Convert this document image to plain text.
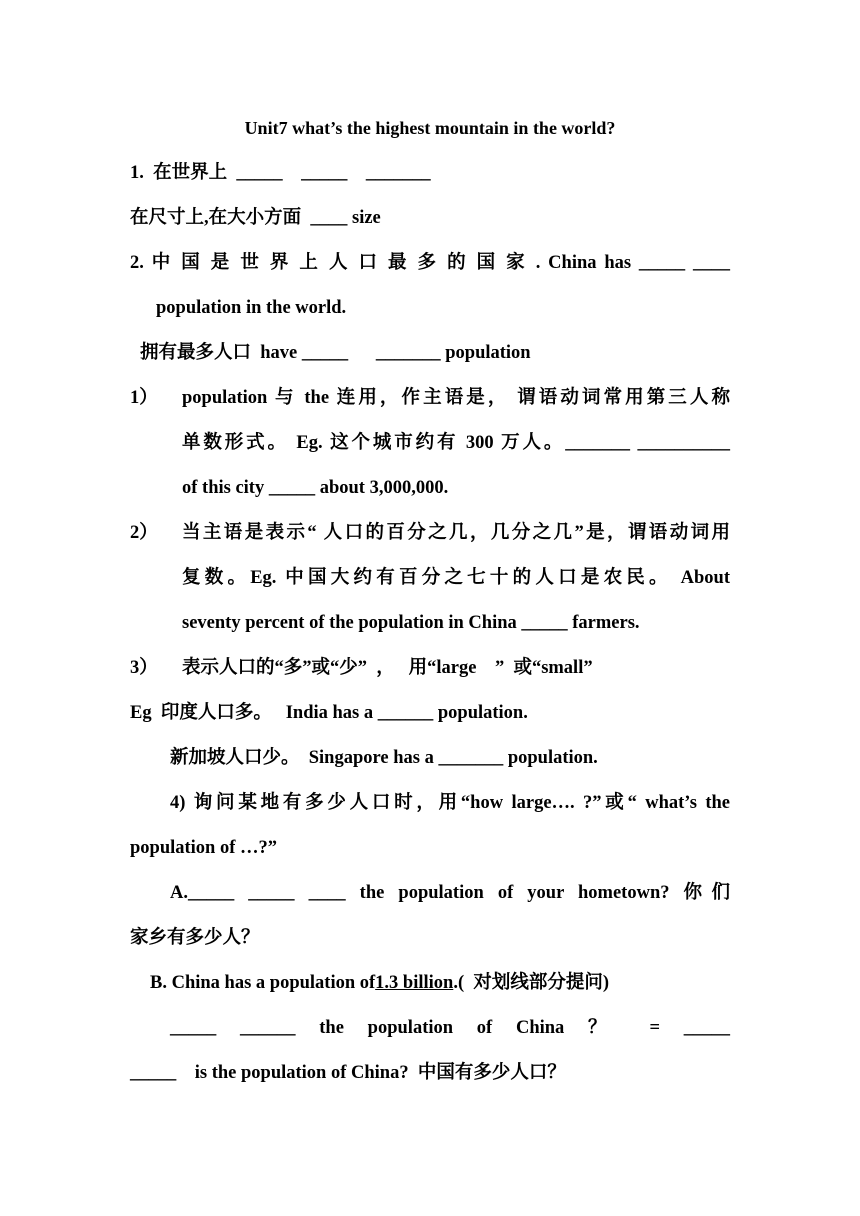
Unit7 what’s the highest mountain in the world?
1.  在世界上  _____    _____    _______
在尺寸上,在大小方面  ____ size
2. 中 国 是 世 界 上 人 口 最 多 的 国 家 . China has _____ ____
population in the world.
拥有最多人口  have _____      _______ population
1） population 与 the 连用，作主语是， 谓语动词常用第三人称
单数形式。 Eg. 这个城市约有 300 万人。_______ __________
of this city _____ about 3,000,000.
2） 当主语是表示“ 人口的百分之几，几分之几”是，谓语动词用
复数。Eg. 中国大约有百分之七十的人口是农民。 About
seventy percent of the population in China _____ farmers.
3） 表示人口的“多”或“少”  ，   用“large    ”  或“small”
Eg  印度人口多。   India has a ______ population.
新加坡人口少。  Singapore has a _______ population.
4) 询问某地有多少人口时，用“how large…. ?”或“ what’s the
population of …?”
A._____ _____ ____ the population of your hometown? 你们
家乡有多少人？
B. China has a population of1.3 billion.(  对划线部分提问)
_____ ______ the population of China ？ = _____
_____    is the population of China?  中国有多少人口？
